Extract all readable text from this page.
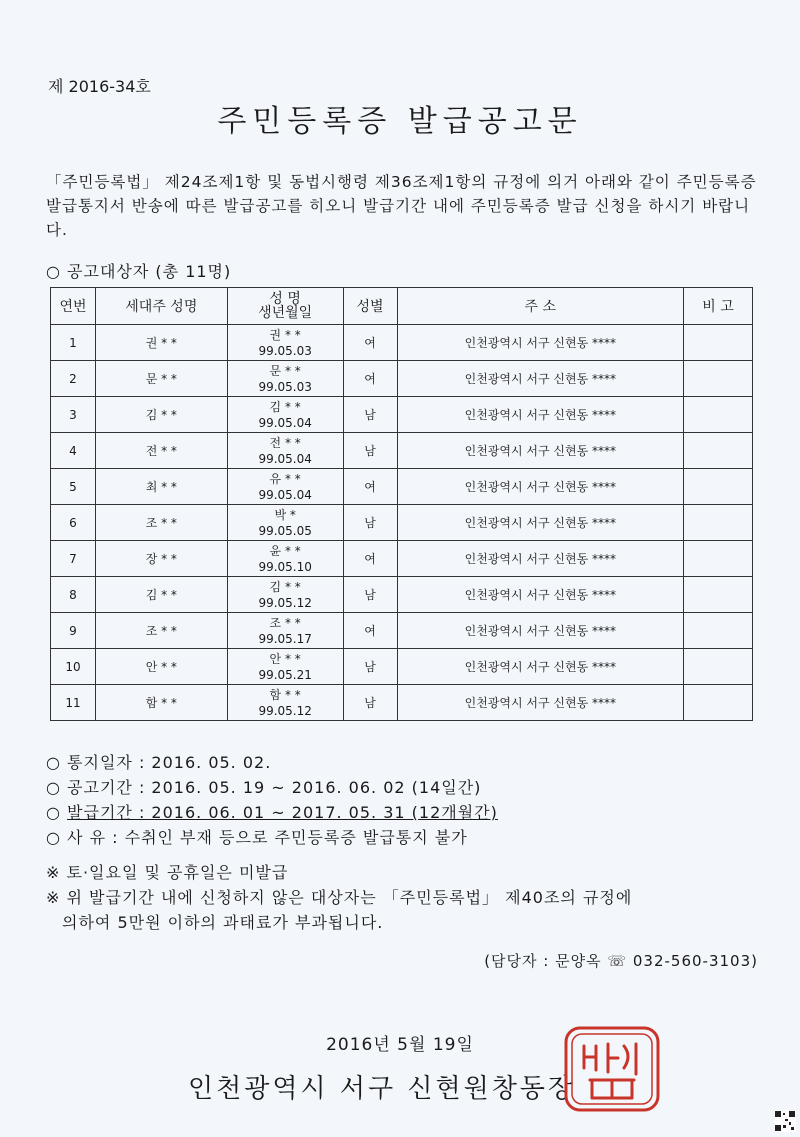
제 2016-34호
주민등록증 발급공고문
「주민등록법」 제24조제1항 및 동법시행령 제36조제1항의 규정에 의거 아래와 같이 주민등록증 발급통지서 반송에 따른 발급공고를 히오니 발급기간 내에 주민등록증 발급 신청을 하시기 바랍니다.
○ 공고대상자 (총 11명)
연번	세대주 성명	성 명
생년월일	성별	주 소	비 고
1	권 * *	권 * *
99.05.03	여	인천광역시 서구 신현동 ****	
2	문 * *	문 * *
99.05.03	여	인천광역시 서구 신현동 ****	
3	김 * *	김 * *
99.05.04	남	인천광역시 서구 신현동 ****	
4	전 * *	전 * *
99.05.04	남	인천광역시 서구 신현동 ****	
5	최 * *	유 * *
99.05.04	여	인천광역시 서구 신현동 ****	
6	조 * *	박 *
99.05.05	남	인천광역시 서구 신현동 ****	
7	장 * *	윤 * *
99.05.10	여	인천광역시 서구 신현동 ****	
8	김 * *	김 * *
99.05.12	남	인천광역시 서구 신현동 ****	
9	조 * *	조 * *
99.05.17	여	인천광역시 서구 신현동 ****	
10	안 * *	안 * *
99.05.21	남	인천광역시 서구 신현동 ****	
11	함 * *	함 * *
99.05.12	남	인천광역시 서구 신현동 ****	
○ 통지일자 : 2016. 05. 02.
○ 공고기간 : 2016. 05. 19 ~ 2016. 06. 02 (14일간)
○ 발급기간 : 2016. 06. 01 ~ 2017. 05. 31 (12개월간)
○ 사 유 : 수취인 부재 등으로 주민등록증 발급통지 불가
※ 토·일요일 및 공휴일은 미발급
※ 위 발급기간 내에 신청하지 않은 대상자는 「주민등록법」 제40조의 규정에
의하여 5만원 이하의 과태료가 부과됩니다.
(담당자 : 문양옥 ☏ 032-560-3103)
2016년 5월 19일
인천광역시 서구 신현원창동장
